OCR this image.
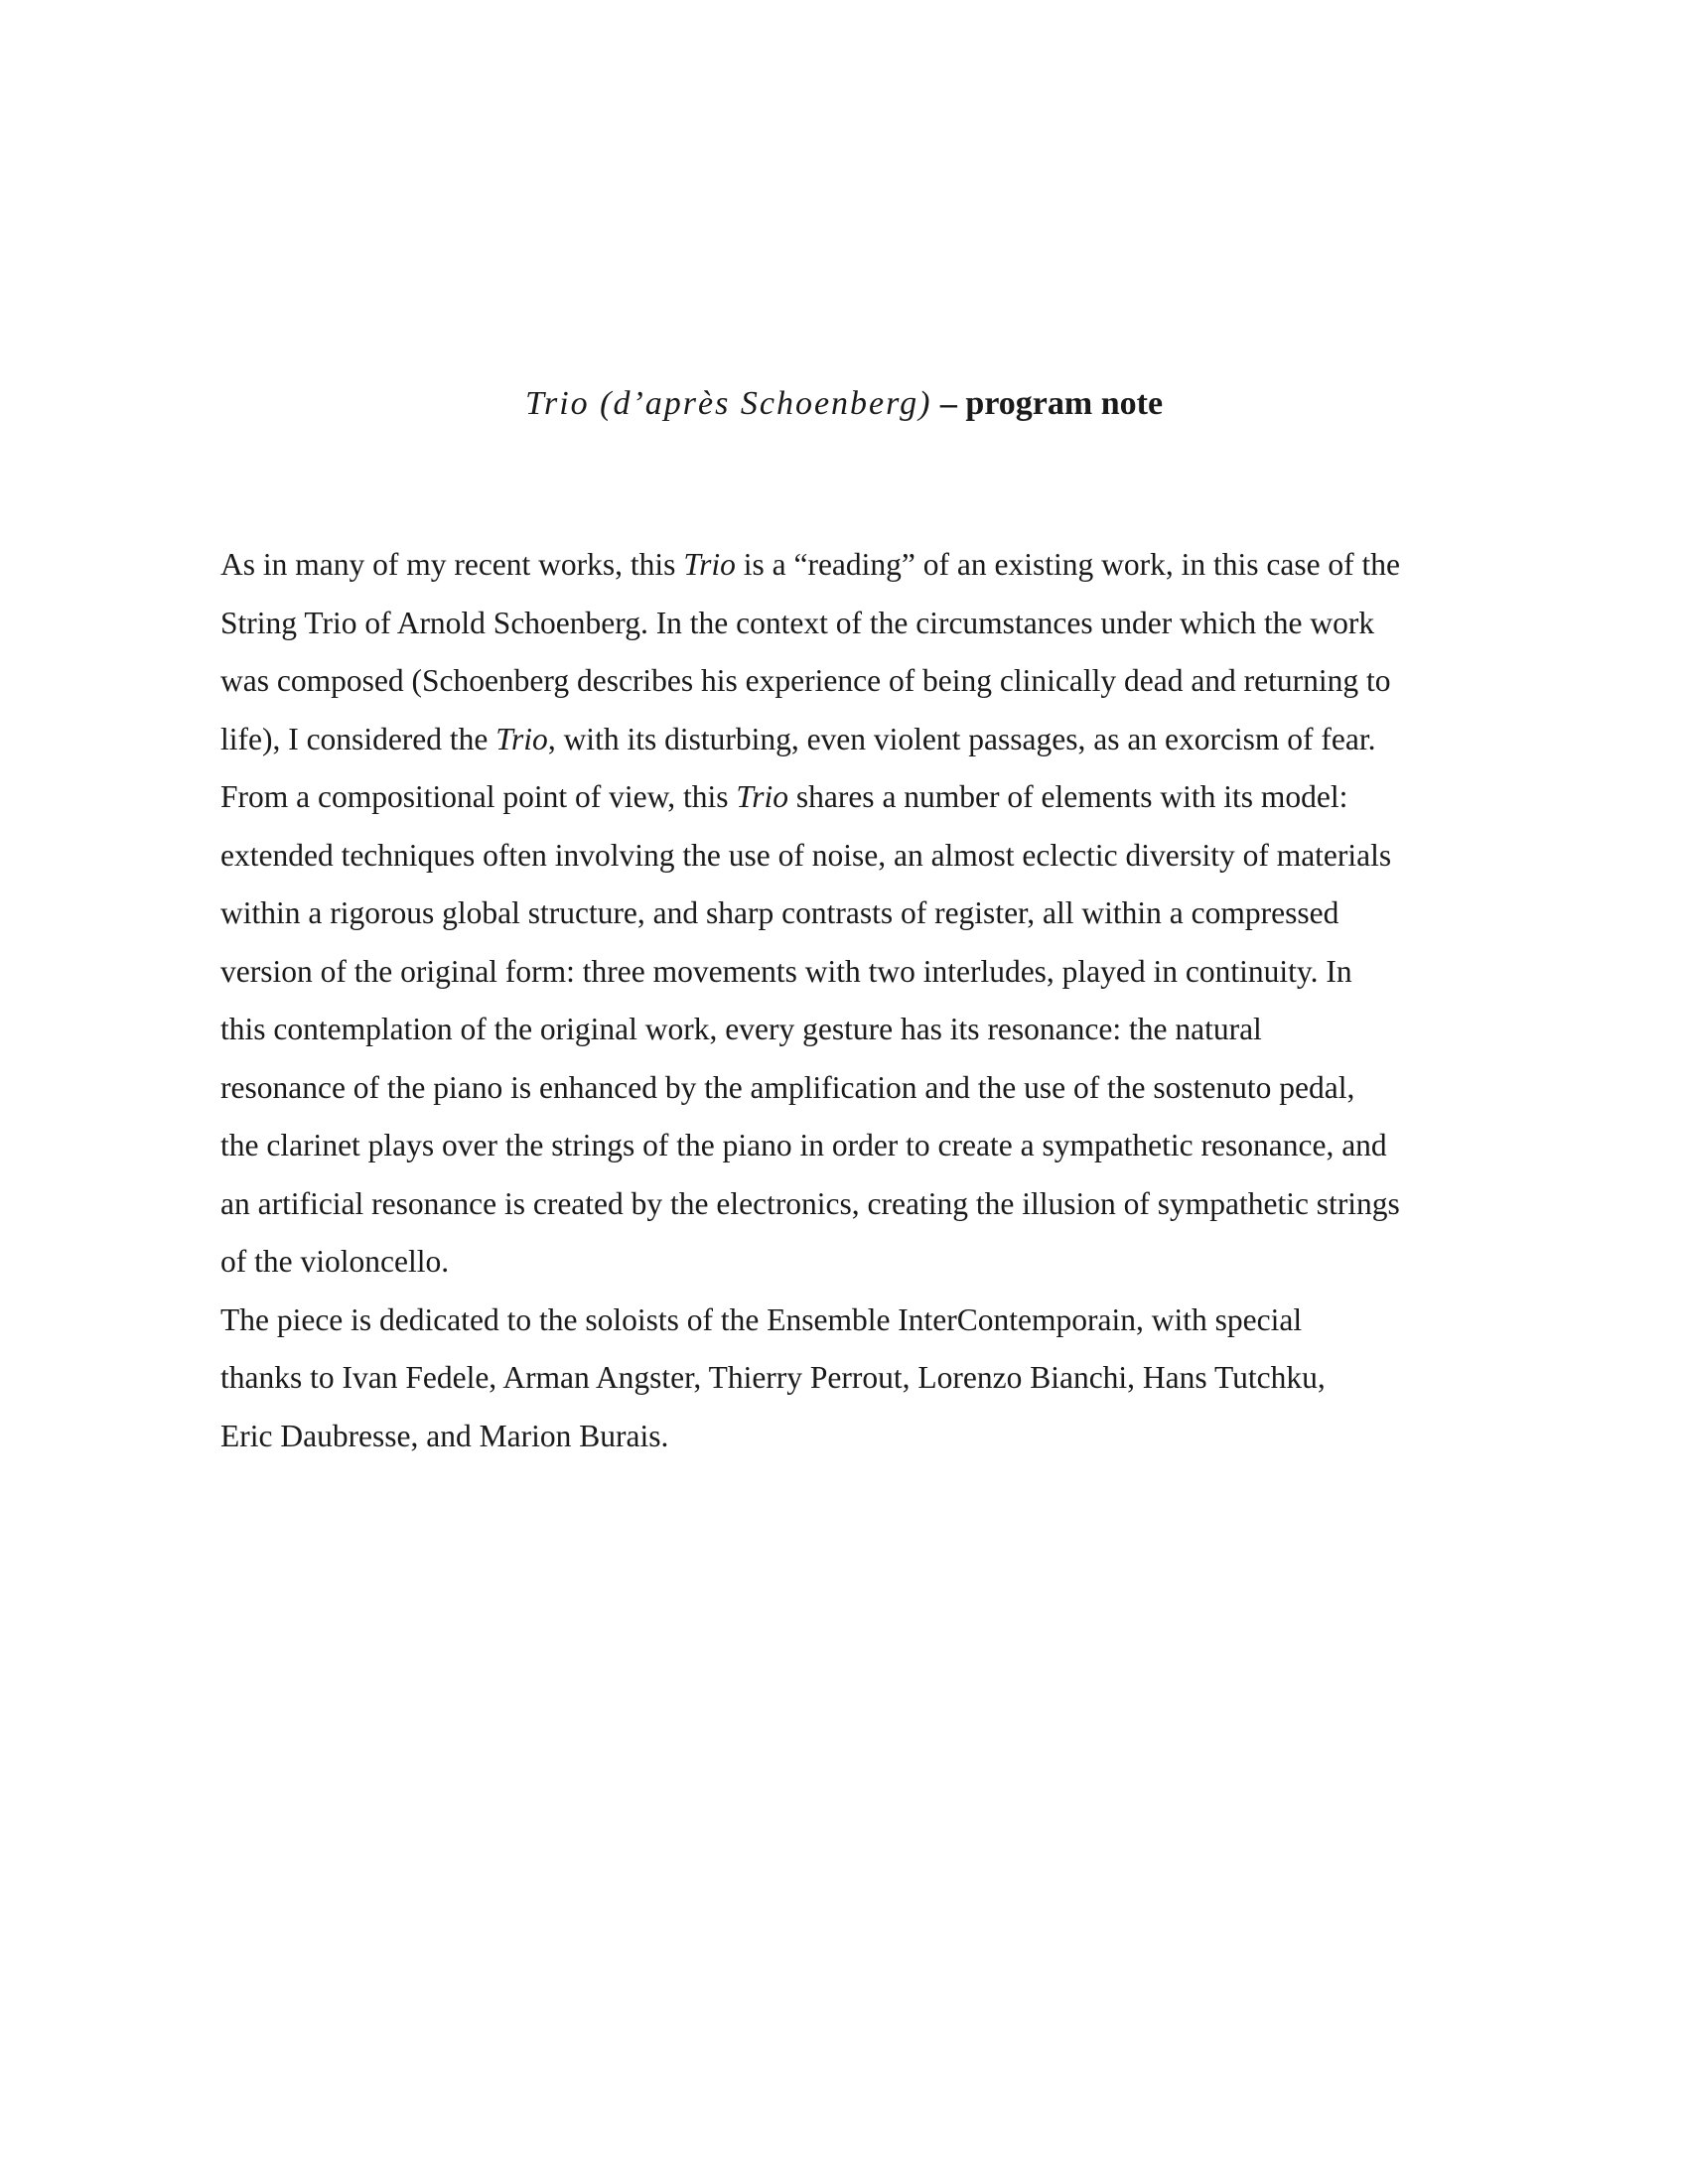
Trio (d’après Schoenberg) – program note
As in many of my recent works, this Trio is a “reading” of an existing work, in this case of the
String Trio of Arnold Schoenberg. In the context of the circumstances under which the work
was composed (Schoenberg describes his experience of being clinically dead and returning to
life), I considered the Trio, with its disturbing, even violent passages, as an exorcism of fear.
From a compositional point of view, this Trio shares a number of elements with its model:
extended techniques often involving the use of noise, an almost eclectic diversity of materials
within a rigorous global structure, and sharp contrasts of register, all within a compressed
version of the original form: three movements with two interludes, played in continuity. In
this contemplation of the original work, every gesture has its resonance: the natural
resonance of the piano is enhanced by the amplification and the use of the sostenuto pedal,
the clarinet plays over the strings of the piano in order to create a sympathetic resonance, and
an artificial resonance is created by the electronics, creating the illusion of sympathetic strings
of the violoncello.
The piece is dedicated to the soloists of the Ensemble InterContemporain, with special
thanks to Ivan Fedele, Arman Angster, Thierry Perrout, Lorenzo Bianchi, Hans Tutchku,
Eric Daubresse, and Marion Burais.
